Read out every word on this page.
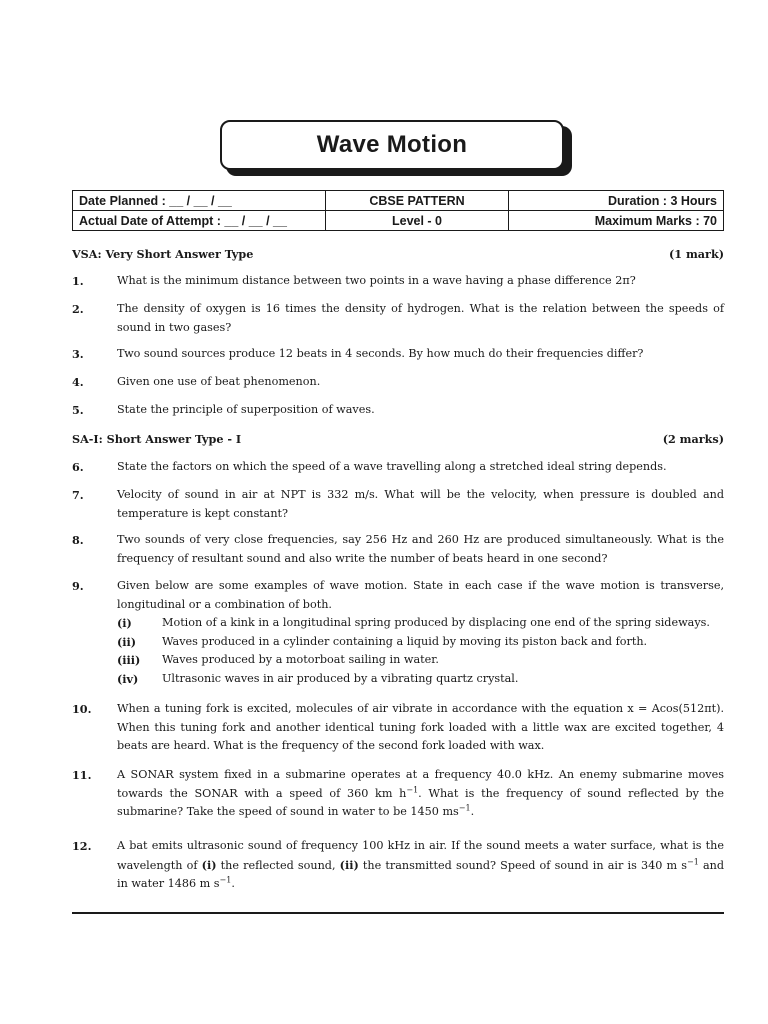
Wave Motion
Date Planned : __ / __ / __	CBSE PATTERN	Duration : 3 Hours
Actual Date of Attempt : __ / __ / __	Level - 0	Maximum Marks : 70
VSA: Very Short Answer Type	(1 mark)
1.	What is the minimum distance between two points in a wave having a phase difference 2π?
2.	The density of oxygen is 16 times the density of hydrogen. What is the relation between the speeds of sound in two gases?
3.	Two sound sources produce 12 beats in 4 seconds. By how much do their frequencies differ?
4.	Given one use of beat phenomenon.
5.	State the principle of superposition of waves.
SA-I: Short Answer Type - I	(2 marks)
6.	State the factors on which the speed of a wave travelling along a stretched ideal string depends.
7.	Velocity of sound in air at NPT is 332 m/s. What will be the velocity, when pressure is doubled and temperature is kept constant?
8.	Two sounds of very close frequencies, say 256 Hz and 260 Hz are produced simultaneously. What is the frequency of resultant sound and also write the number of beats heard in one second?
9.	Given below are some examples of wave motion. State in each case if the wave motion is transverse, longitudinal or a combination of both.
(i)	Motion of a kink in a longitudinal spring produced by displacing one end of the spring sideways.
(ii)	Waves produced in a cylinder containing a liquid by moving its piston back and forth.
(iii)	Waves produced by a motorboat sailing in water.
(iv)	Ultrasonic waves in air produced by a vibrating quartz crystal.
10. When a tuning fork is excited, molecules of air vibrate in accordance with the equation x = Acos(512πt). When this tuning fork and another identical tuning fork loaded with a little wax are excited together, 4 beats are heard. What is the frequency of the second fork loaded with wax.
11. A SONAR system fixed in a submarine operates at a frequency 40.0 kHz. An enemy submarine moves towards the SONAR with a speed of 360 km $h^{-1}$. What is the frequency of sound reflected by the submarine? Take the speed of sound in water to be 1450 $ms^{-1}$.
12. A bat emits ultrasonic sound of frequency 100 kHz in air. If the sound meets a water surface, what is the wavelength of (i) the reflected sound, (ii) the transmitted sound? Speed of sound in air is 340 m $s^{-1}$ and in water 1486 m $s^{-1}$.
